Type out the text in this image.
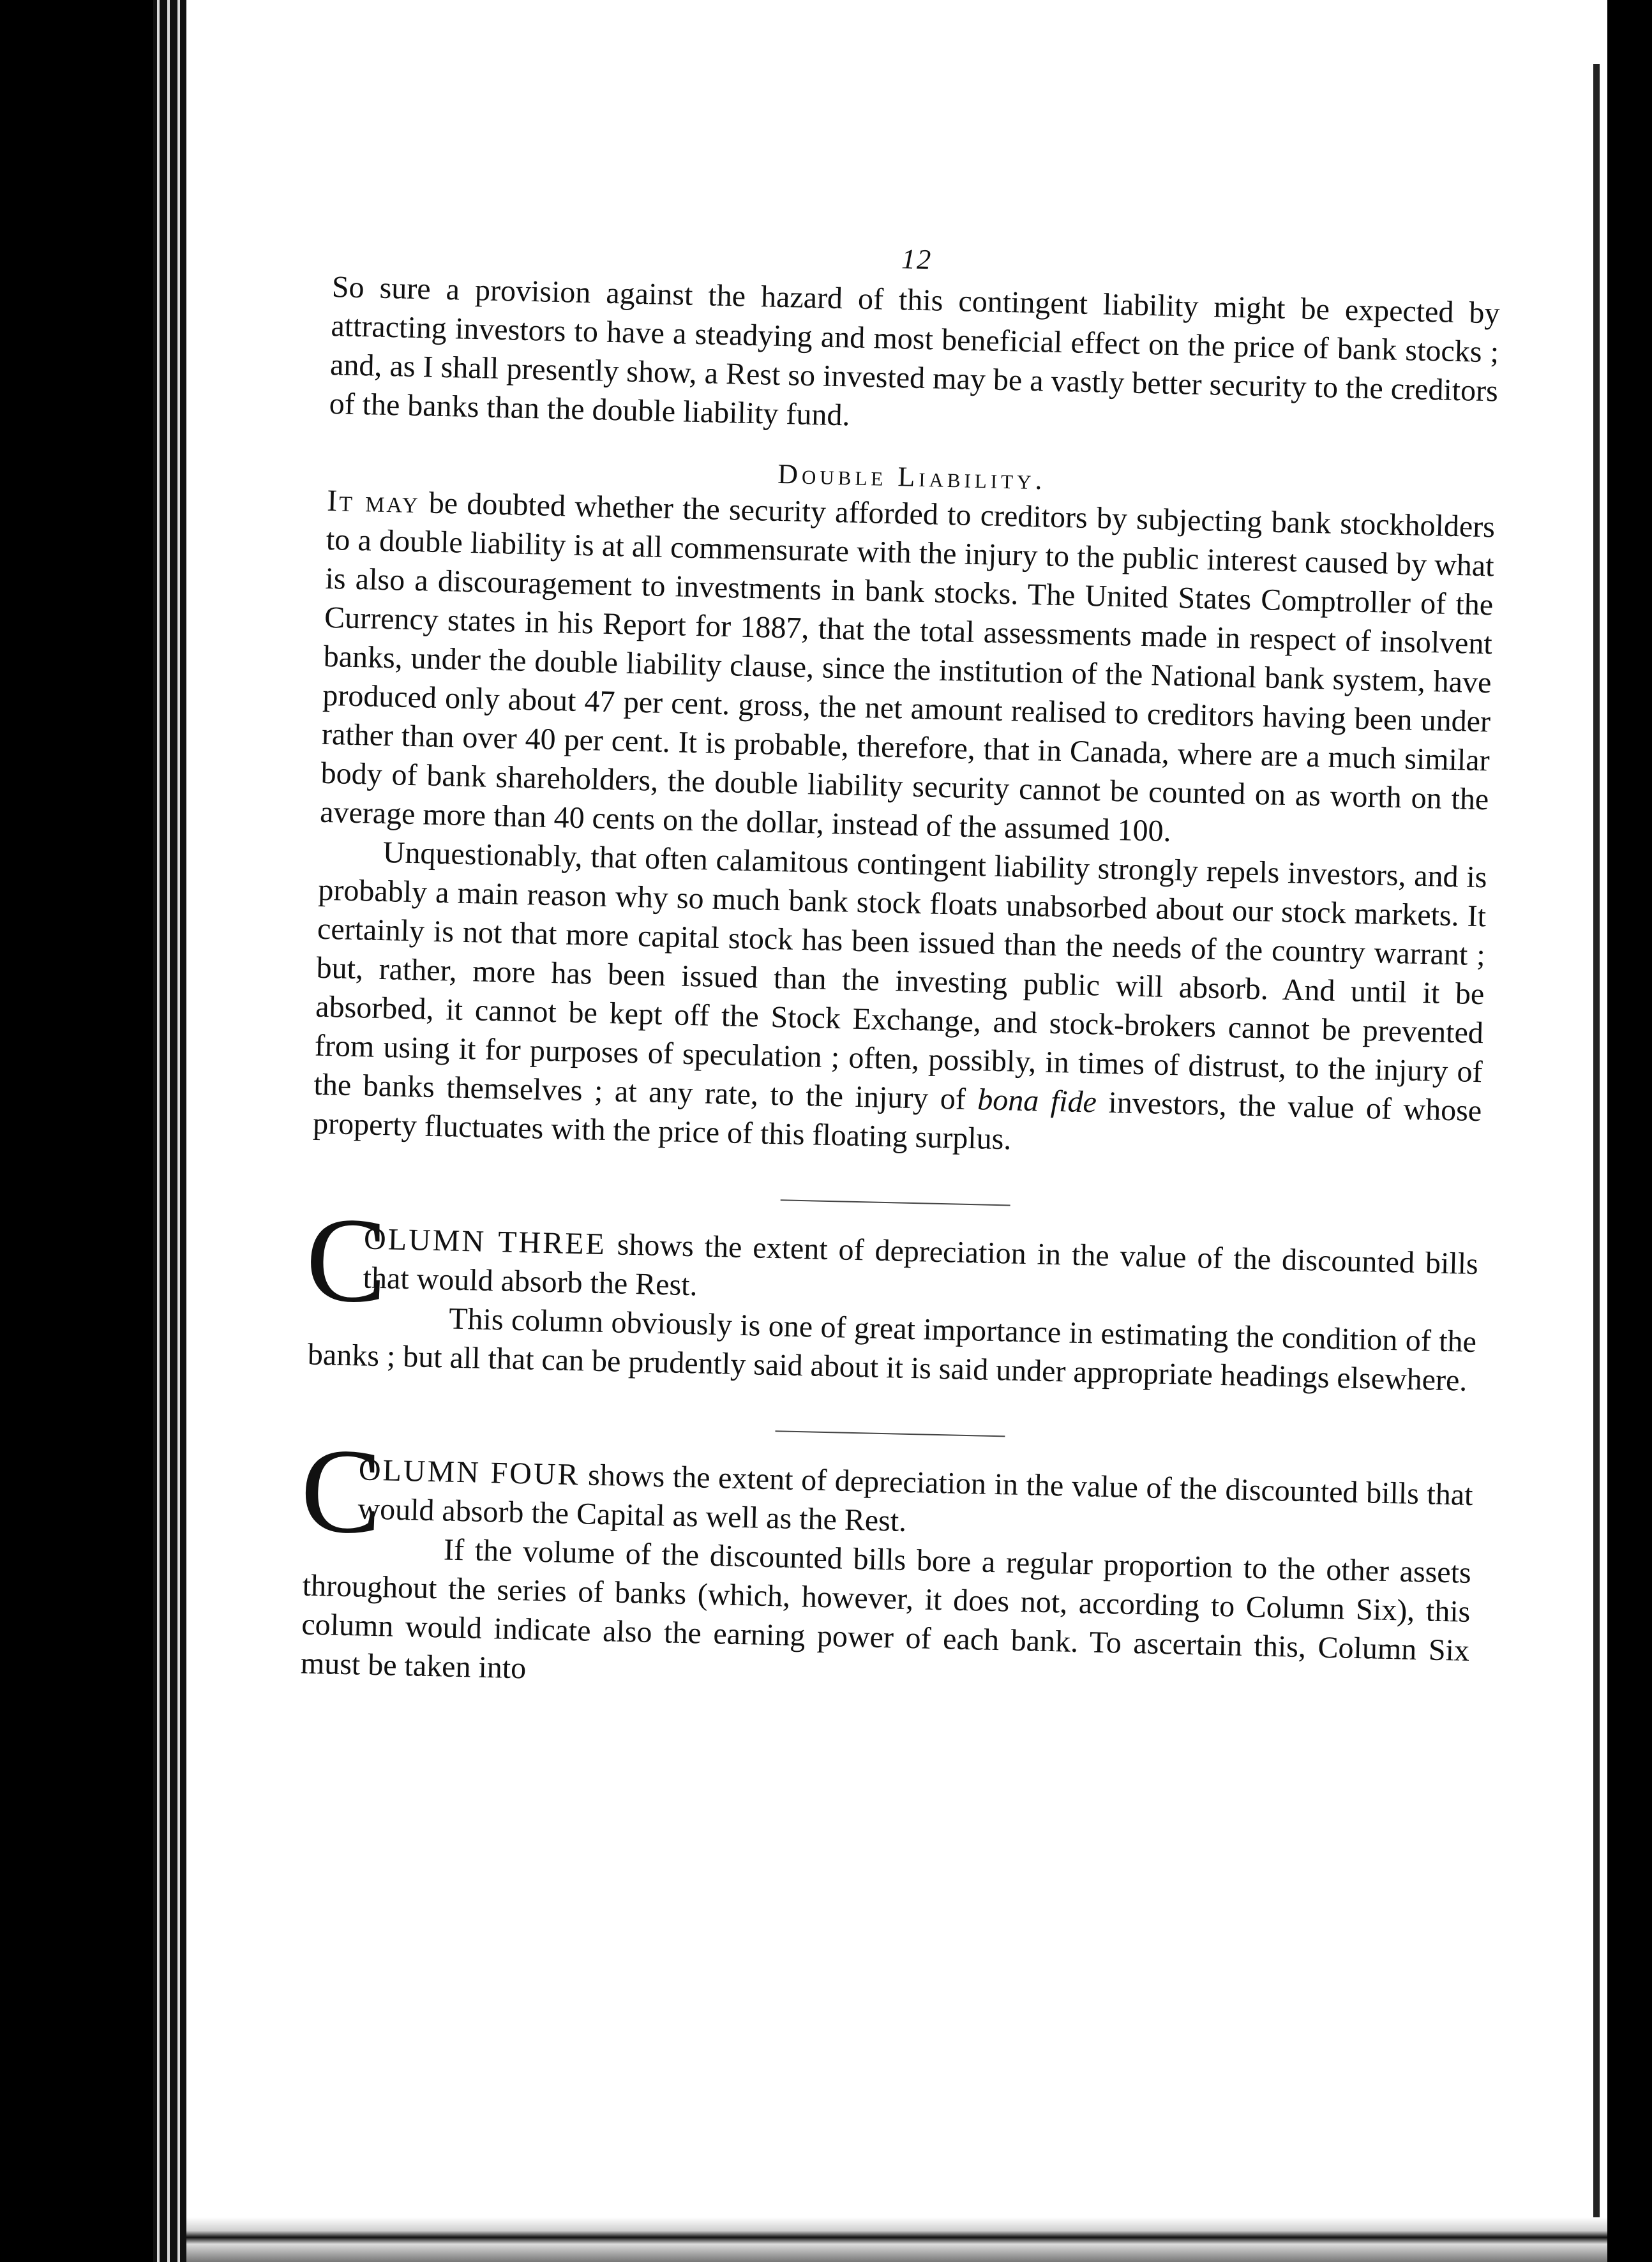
12

So sure a provision against the hazard of this contingent liability might be expected by attracting investors to have a steadying and most beneficial effect on the price of bank stocks ; and, as I shall presently show, a Rest so invested may be a vastly better security to the creditors of the banks than the double liability fund.

Double Liability.

It may be doubted whether the security afforded to creditors by subjecting bank stockholders to a double liability is at all commensurate with the injury to the public interest caused by what is also a discouragement to investments in bank stocks. The United States Comptroller of the Currency states in his Report for 1887, that the total assessments made in respect of insolvent banks, under the double liability clause, since the institution of the National bank system, have produced only about 47 per cent. gross, the net amount realised to creditors having been under rather than over 40 per cent. It is probable, therefore, that in Canada, where are a much similar body of bank shareholders, the double liability security cannot be counted on as worth on the average more than 40 cents on the dollar, instead of the assumed 100.

Unquestionably, that often calamitous contingent liability strongly repels investors, and is probably a main reason why so much bank stock floats unabsorbed about our stock markets. It certainly is not that more capital stock has been issued than the needs of the country warrant ; but, rather, more has been issued than the investing public will absorb. And until it be absorbed, it cannot be kept off the Stock Exchange, and stock-brokers cannot be prevented from using it for purposes of speculation ; often, possibly, in times of distrust, to the injury of the banks themselves ; at any rate, to the injury of bona fide investors, the value of whose property fluctuates with the price of this floating surplus.

C

OLUMN THREE shows the extent of depreciation in the value of the discounted bills that would absorb the Rest.

This column obviously is one of great importance in estimating the condition of the banks ; but all that can be prudently said about it is said under appropriate headings elsewhere.

C

OLUMN FOUR shows the extent of depreciation in the value of the discounted bills that would absorb the Capital as well as the Rest.

If the volume of the discounted bills bore a regular proportion to the other assets throughout the series of banks (which, however, it does not, according to Column Six), this column would indicate also the earning power of each bank. To ascertain this, Column Six must be taken into
